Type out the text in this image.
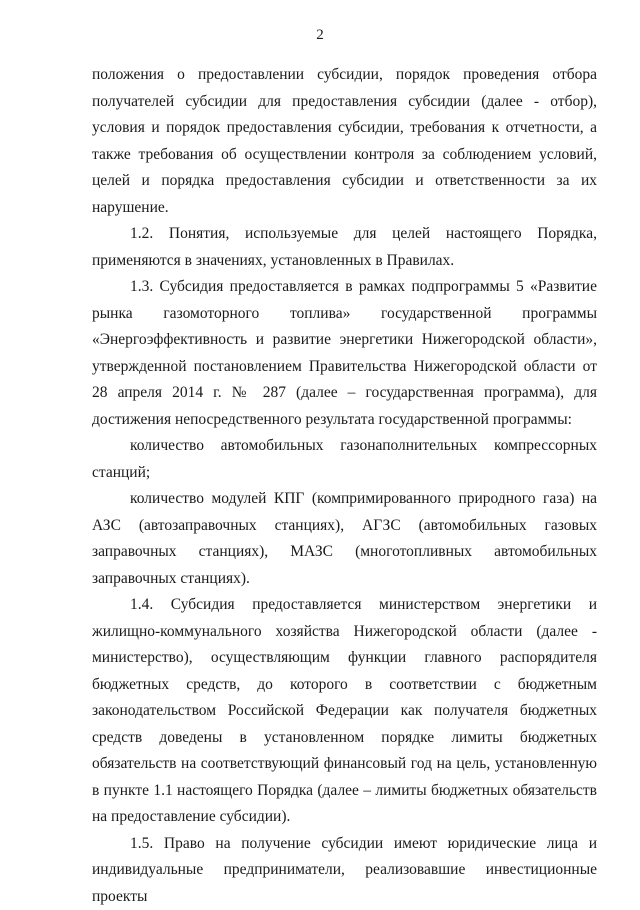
2

положения о предоставлении субсидии, порядок проведения отбора получателей субсидии для предоставления субсидии (далее - отбор), условия и порядок предоставления субсидии, требования к отчетности, а также требования об осуществлении контроля за соблюдением условий, целей и порядка предоставления субсидии и ответственности за их нарушение.

1.2. Понятия, используемые для целей настоящего Порядка, применяются в значениях, установленных в Правилах.

1.3. Субсидия предоставляется в рамках подпрограммы 5 «Развитие рынка газомоторного топлива» государственной программы «Энергоэффективность и развитие энергетики Нижегородской области», утвержденной постановлением Правительства Нижегородской области от 28 апреля 2014 г. № 287 (далее – государственная программа), для достижения непосредственного результата государственной программы:

количество автомобильных газонаполнительных компрессорных станций;

количество модулей КПГ (компримированного природного газа) на АЗС (автозаправочных станциях), АГЗС (автомобильных газовых заправочных станциях), МАЗС (многотопливных автомобильных заправочных станциях).

1.4. Субсидия предоставляется министерством энергетики и жилищно-коммунального хозяйства Нижегородской области (далее - министерство), осуществляющим функции главного распорядителя бюджетных средств, до которого в соответствии с бюджетным законодательством Российской Федерации как получателя бюджетных средств доведены в установленном порядке лимиты бюджетных обязательств на соответствующий финансовый год на цель, установленную в пункте 1.1 настоящего Порядка (далее – лимиты бюджетных обязательств на предоставление субсидии).

1.5. Право на получение субсидии имеют юридические лица и индивидуальные предприниматели, реализовавшие инвестиционные проекты
